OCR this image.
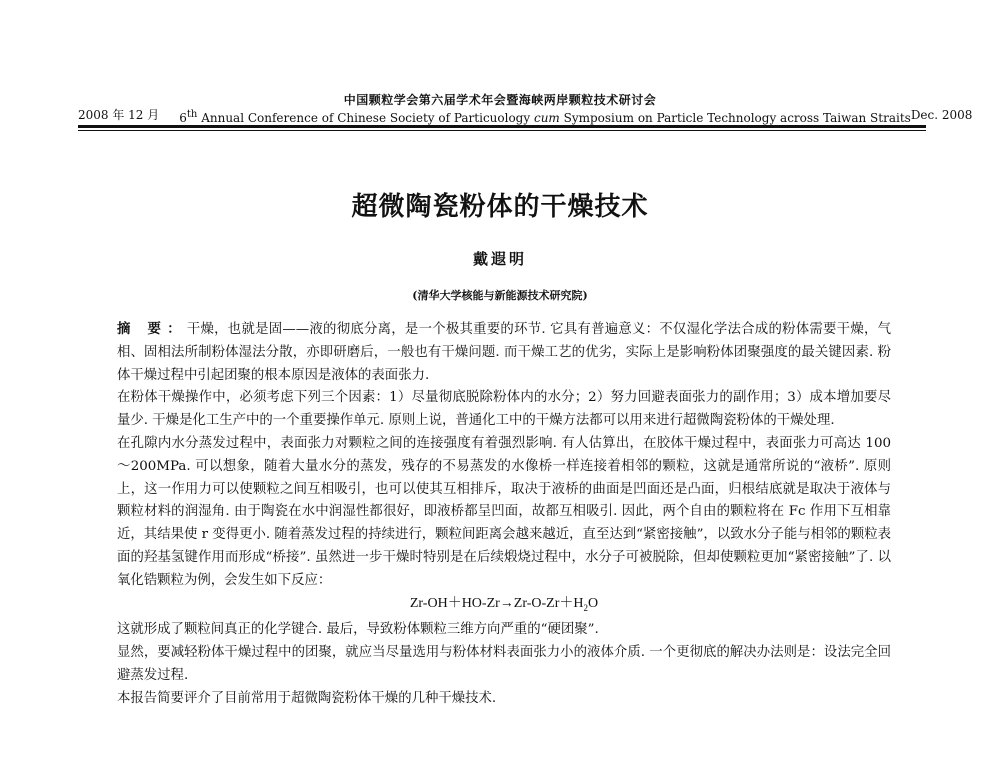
中国颗粒学会第六届学术年会暨海峡两岸颗粒技术研讨会
2008 年 12 月 6th Annual Conference of Chinese Society of Particuology cum Symposium on Particle Technology across Taiwan Straits Dec. 2008
超微陶瓷粉体的干燥技术
戴遐明
(清华大学核能与新能源技术研究院)

摘 要：干燥，也就是固——液的彻底分离，是一个极其重要的环节. 它具有普遍意义：不仅湿化学法合成的粉体需要干燥，气相、固相法所制粉体湿法分散，亦即研磨后，一般也有干燥问题. 而干燥工艺的优劣，实际上是影响粉体团聚强度的最关键因素. 粉体干燥过程中引起团聚的根本原因是液体的表面张力.

在粉体干燥操作中，必须考虑下列三个因素：1）尽量彻底脱除粉体内的水分；2）努力回避表面张力的副作用；3）成本增加要尽量少. 干燥是化工生产中的一个重要操作单元. 原则上说，普通化工中的干燥方法都可以用来进行超微陶瓷粉体的干燥处理.

在孔隙内水分蒸发过程中，表面张力对颗粒之间的连接强度有着强烈影响. 有人估算出，在胶体干燥过程中，表面张力可高达 100～200MPa. 可以想象，随着大量水分的蒸发，残存的不易蒸发的水像桥一样连接着相邻的颗粒，这就是通常所说的“液桥”. 原则上，这一作用力可以使颗粒之间互相吸引，也可以使其互相排斥，取决于液桥的曲面是凹面还是凸面，归根结底就是取决于液体与颗粒材料的润湿角. 由于陶瓷在水中润湿性都很好，即液桥都呈凹面，故都互相吸引. 因此，两个自由的颗粒将在 Fc 作用下互相靠近，其结果使 r 变得更小. 随着蒸发过程的持续进行，颗粒间距离会越来越近，直至达到“紧密接触”，以致水分子能与相邻的颗粒表面的羟基氢键作用而形成“桥接”. 虽然进一步干燥时特别是在后续煅烧过程中，水分子可被脱除，但却使颗粒更加“紧密接触”了. 以氧化锆颗粒为例，会发生如下反应：

$Zr-OH+HO-Zr\to Zr-O-Zr+H_2O$

这就形成了颗粒间真正的化学键合. 最后，导致粉体颗粒三维方向严重的“硬团聚”.

显然，要减轻粉体干燥过程中的团聚，就应当尽量选用与粉体材料表面张力小的液体介质. 一个更彻底的解决办法则是：设法完全回避蒸发过程.

本报告简要评介了目前常用于超微陶瓷粉体干燥的几种干燥技术.
